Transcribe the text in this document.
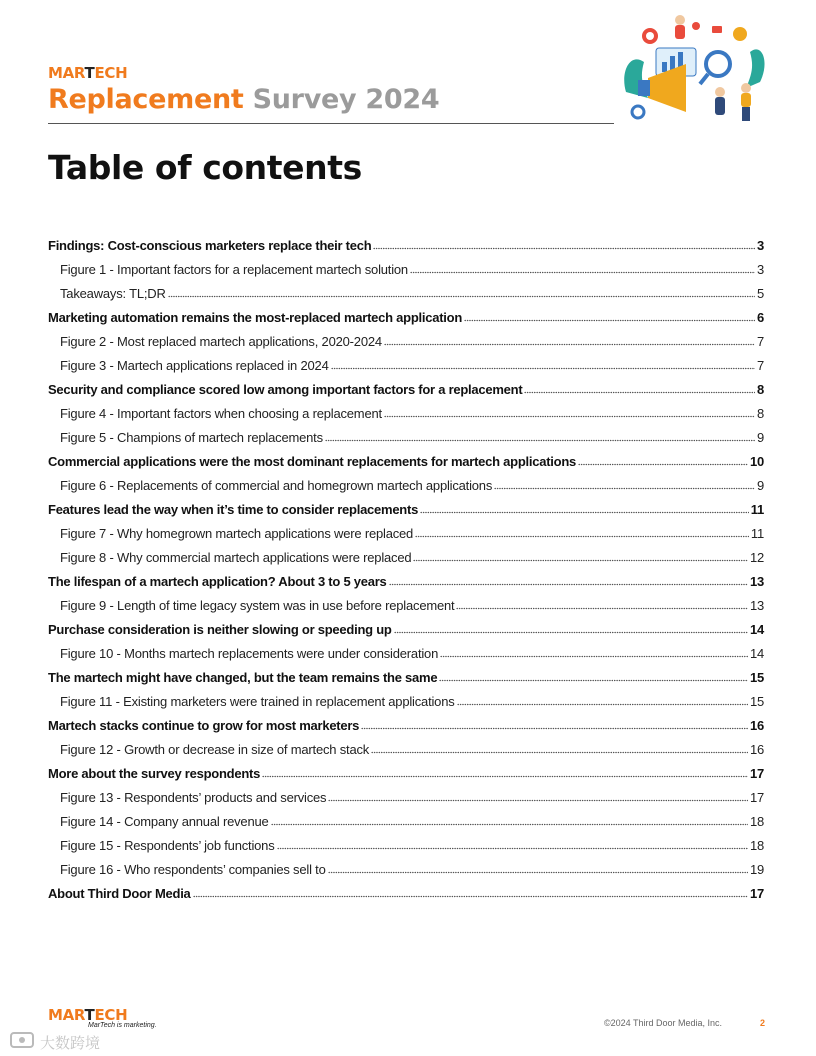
MARTECH
Replacement Survey 2024
Table of contents
Findings: Cost-conscious marketers replace their tech	3
Figure 1 - Important factors for a replacement martech solution	3
Takeaways: TL;DR	5
Marketing automation remains the most-replaced martech application	6
Figure 2 - Most replaced martech applications, 2020-2024	7
Figure 3 - Martech applications replaced in 2024	7
Security and compliance scored low among important factors for a replacement	8
Figure 4 - Important factors when choosing a replacement	8
Figure 5 - Champions of martech replacements	9
Commercial applications were the most dominant replacements for martech applications	10
Figure 6 - Replacements of commercial and homegrown martech applications	9
Features lead the way when it’s time to consider replacements	11
Figure 7 - Why homegrown martech applications were replaced	11
Figure 8 - Why commercial martech applications were replaced	12
The lifespan of a martech application? About 3 to 5 years	13
Figure 9 - Length of time legacy system was in use before replacement	13
Purchase consideration is neither slowing or speeding up	14
Figure 10 - Months martech replacements were under consideration	14
The martech might have changed, but the team remains the same	15
Figure 11 - Existing marketers were trained in replacement applications	15
Martech stacks continue to grow for most marketers	16
Figure 12 - Growth or decrease in size of martech stack	16
More about the survey respondents	17
Figure 13 - Respondents’ products and services	17
Figure 14 - Company annual revenue	18
Figure 15 - Respondents’ job functions	18
Figure 16 - Who respondents’ companies sell to	19
About Third Door Media	17
MARTECH
MarTech is marketing.	©2024 Third Door Media, Inc.	2
大数跨境
